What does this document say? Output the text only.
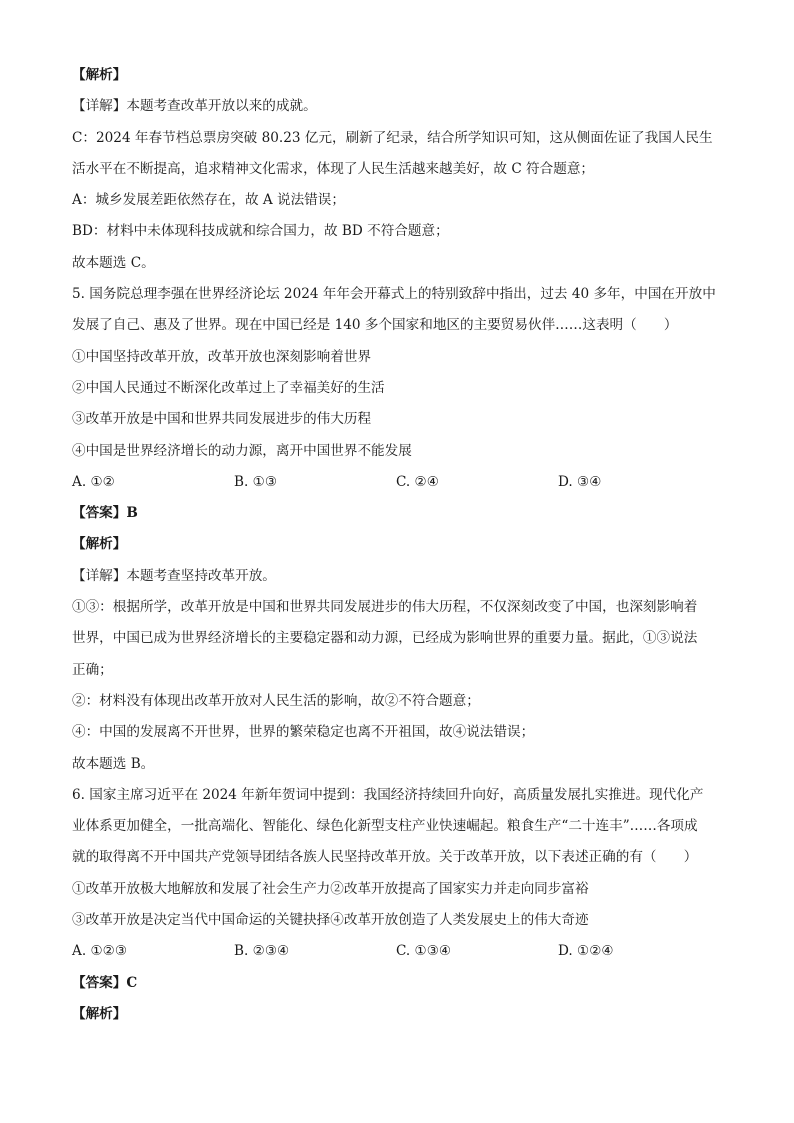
【解析】
【详解】本题考查改革开放以来的成就。
C：2024 年春节档总票房突破 80.23 亿元，刷新了纪录，结合所学知识可知，这从侧面佐证了我国人民生
活水平在不断提高，追求精神文化需求，体现了人民生活越来越美好，故 C 符合题意；
A：城乡发展差距依然存在，故 A 说法错误；
BD：材料中未体现科技成就和综合国力，故 BD 不符合题意；
故本题选 C。
5. 国务院总理李强在世界经济论坛 2024 年年会开幕式上的特别致辞中指出，过去 40 多年，中国在开放中
发展了自己、惠及了世界。现在中国已经是 140 多个国家和地区的主要贸易伙伴……这表明（　　）
①中国坚持改革开放，改革开放也深刻影响着世界
②中国人民通过不断深化改革过上了幸福美好的生活
③改革开放是中国和世界共同发展进步的伟大历程
④中国是世界经济增长的动力源，离开中国世界不能发展
A. ①②	B. ①③	C. ②④	D. ③④
【答案】B
【解析】
【详解】本题考查坚持改革开放。
①③：根据所学，改革开放是中国和世界共同发展进步的伟大历程，不仅深刻改变了中国，也深刻影响着
世界，中国已成为世界经济增长的主要稳定器和动力源，已经成为影响世界的重要力量。据此，①③说法
正确；
②：材料没有体现出改革开放对人民生活的影响，故②不符合题意；
④：中国的发展离不开世界，世界的繁荣稳定也离不开祖国，故④说法错误；
故本题选 B。
6. 国家主席习近平在 2024 年新年贺词中提到：我国经济持续回升向好，高质量发展扎实推进。现代化产
业体系更加健全，一批高端化、智能化、绿色化新型支柱产业快速崛起。粮食生产“二十连丰”……各项成
就的取得离不开中国共产党领导团结各族人民坚持改革开放。关于改革开放，以下表述正确的有（　　）
①改革开放极大地解放和发展了社会生产力②改革开放提高了国家实力并走向同步富裕
③改革开放是决定当代中国命运的关键抉择④改革开放创造了人类发展史上的伟大奇迹
A. ①②③	B. ②③④	C. ①③④	D. ①②④
【答案】C
【解析】
